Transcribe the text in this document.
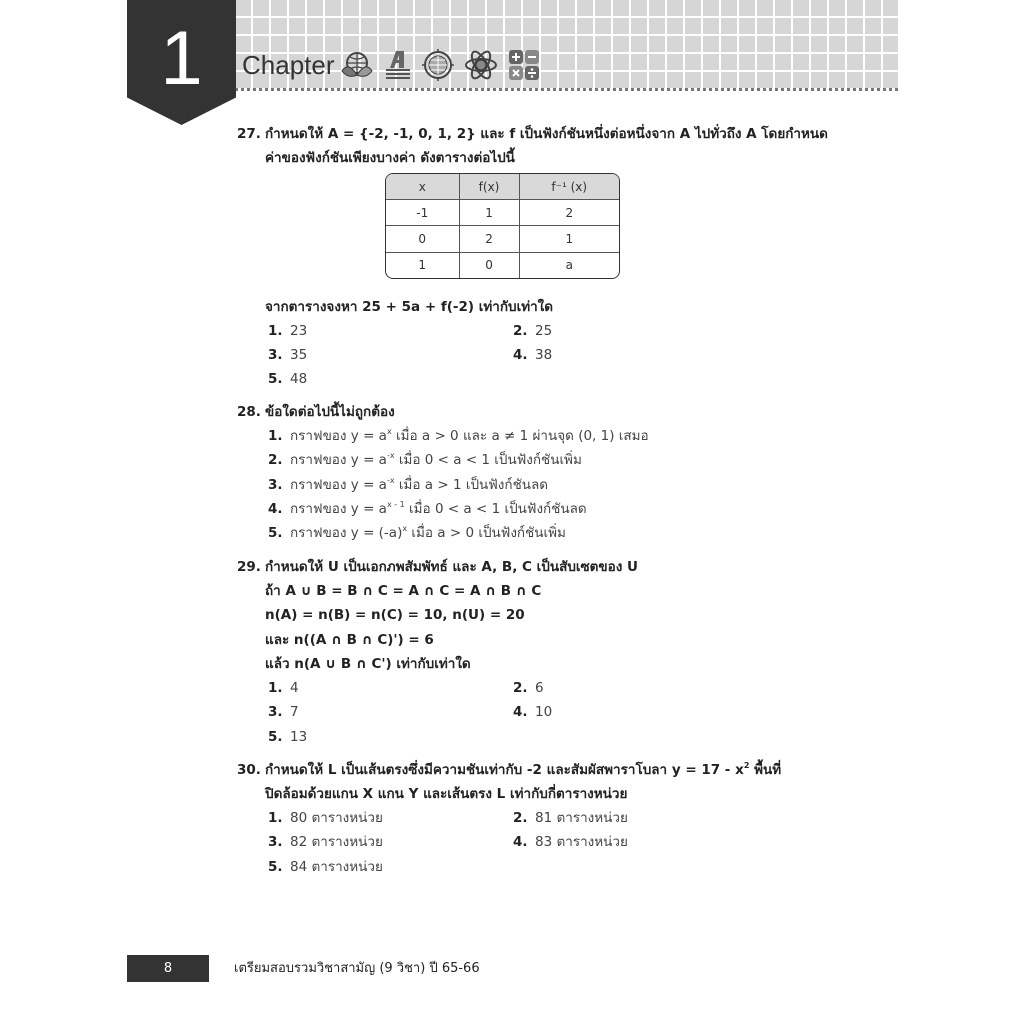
1	Chapter
27. กำหนดให้ A = {-2, -1, 0, 1, 2} และ f เป็นฟังก์ชันหนึ่งต่อหนึ่งจาก A ไปทั่วถึง A โดยกำหนด
ค่าของฟังก์ชันเพียงบางค่า ดังตารางต่อไปนี้
x	f(x)	f⁻¹ (x)
-1	1	2
0	2	1
1	0	a
จากตารางจงหา 25 + 5a + f(-2) เท่ากับเท่าใด
1. 23	2. 25
3. 35	4. 38
5. 48
28. ข้อใดต่อไปนี้ไม่ถูกต้อง
1. กราฟของ $y = a^x$ เมื่อ a > 0 และ a ≠ 1 ผ่านจุด (0, 1) เสมอ
2. กราฟของ $y = a^{-x}$ เมื่อ 0 < a < 1 เป็นฟังก์ชันเพิ่ม
3. กราฟของ $y = a^{-x}$ เมื่อ a > 1 เป็นฟังก์ชันลด
4. กราฟของ $y = a^{x - 1}$ เมื่อ 0 < a < 1 เป็นฟังก์ชันลด
5. กราฟของ $y = (-a)^x$ เมื่อ a > 0 เป็นฟังก์ชันเพิ่ม
29. กำหนดให้ U เป็นเอกภพสัมพัทธ์ และ A, B, C เป็นสับเซตของ U
ถ้า A ∪ B = B ∩ C = A ∩ C = A ∩ B ∩ C
n(A) = n(B) = n(C) = 10, n(U) = 20
และ n((A ∩ B ∩ C)') = 6
แล้ว n(A ∪ B ∩ C') เท่ากับเท่าใด
1. 4	2. 6
3. 7	4. 10
5. 13
30. กำหนดให้ L เป็นเส้นตรงซึ่งมีความชันเท่ากับ -2 และสัมผัสพาราโบลา $y = 17 - x^2$ พื้นที่
ปิดล้อมด้วยแกน X แกน Y และเส้นตรง L เท่ากับกี่ตารางหน่วย
1. 80 ตารางหน่วย	2. 81 ตารางหน่วย
3. 82 ตารางหน่วย	4. 83 ตารางหน่วย
5. 84 ตารางหน่วย
8	เตรียมสอบรวมวิชาสามัญ (9 วิชา) ปี 65-66
